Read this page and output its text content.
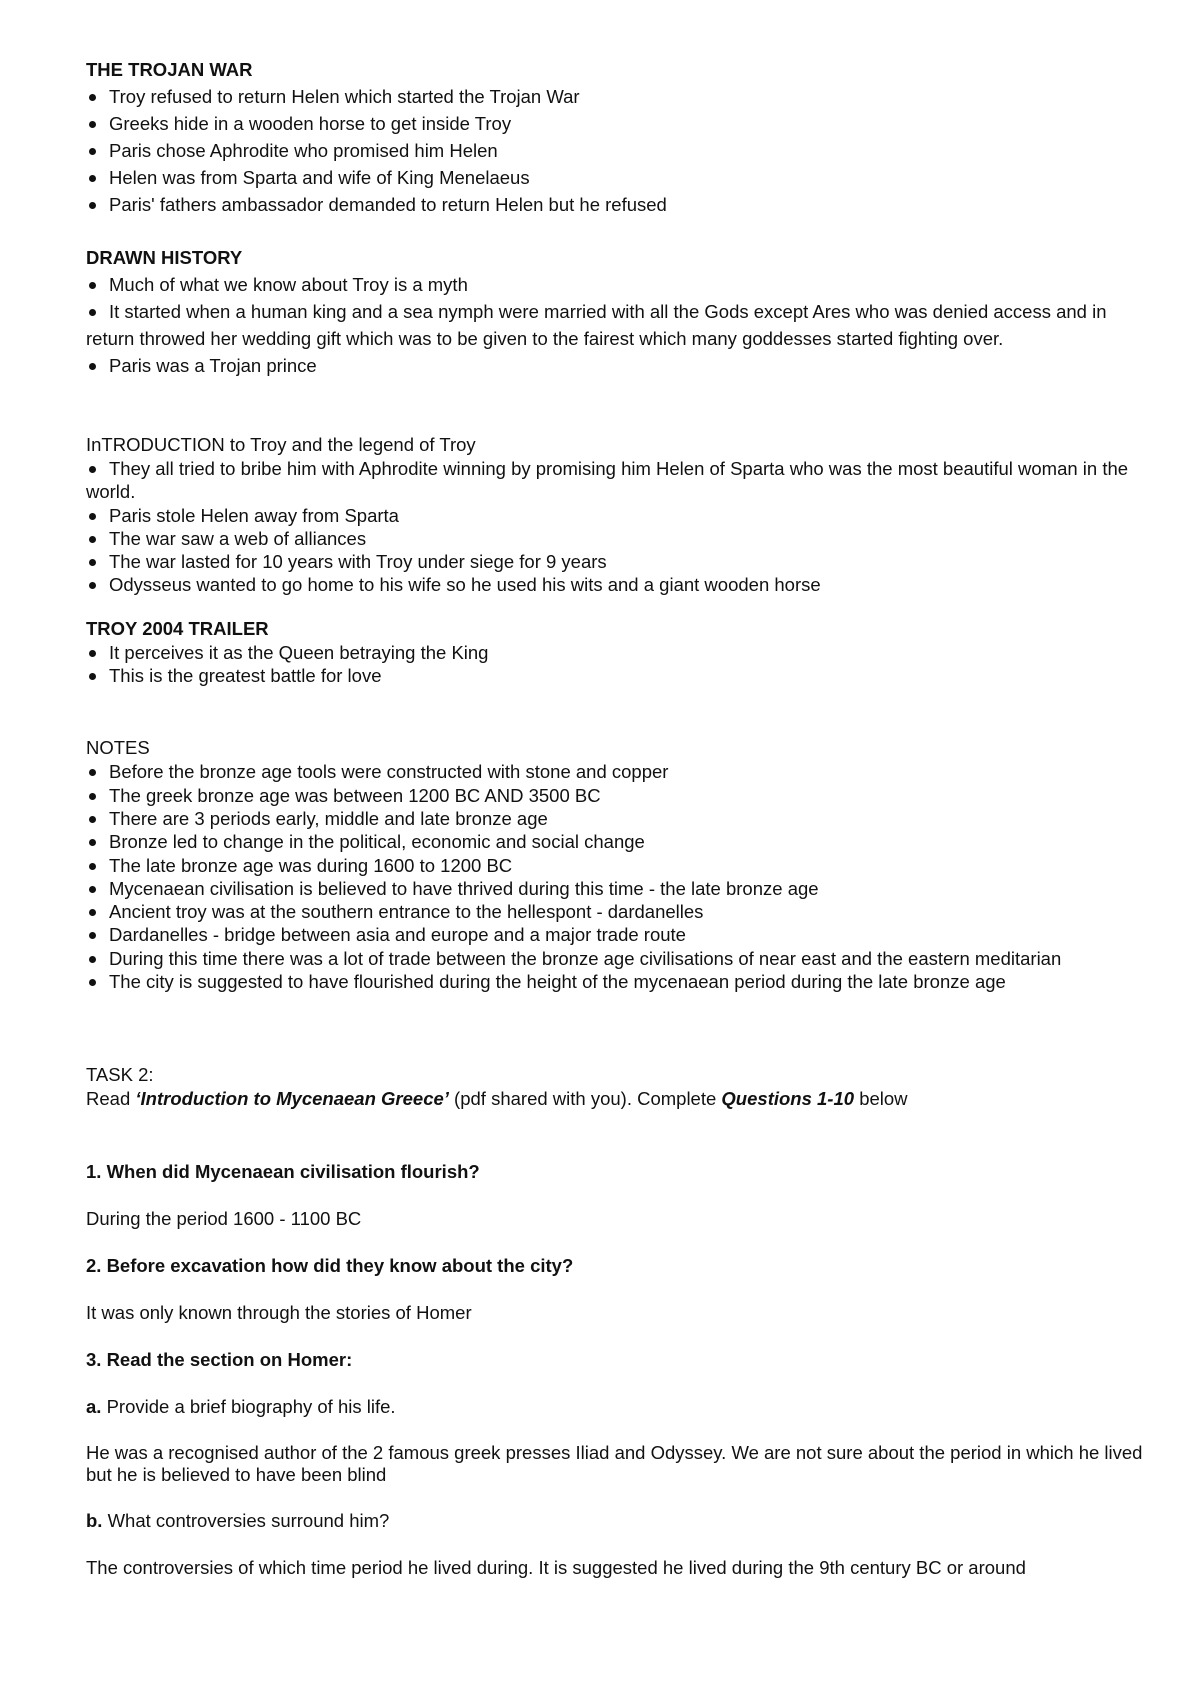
THE TROJAN WAR
Troy refused to return Helen which started the Trojan War
Greeks hide in a wooden horse to get inside Troy
Paris chose Aphrodite who promised him Helen
Helen was from Sparta and wife of King Menelaeus
Paris' fathers ambassador demanded to return Helen but he refused
DRAWN HISTORY
Much of what we know about Troy is a myth
It started when a human king and a sea nymph were married with all the Gods except Ares who was denied access and in return throwed her wedding gift which was to be given to the fairest which many goddesses started fighting over.
Paris was a Trojan prince
InTRODUCTION to Troy and the legend of Troy
They all tried to bribe him with Aphrodite winning by promising him Helen of Sparta who was the most beautiful woman in the world.
Paris stole Helen away from Sparta
The war saw a web of alliances
The war lasted for 10 years with Troy under siege for 9 years
Odysseus wanted to go home to his wife so he used his wits and a giant wooden horse
TROY 2004 TRAILER
It perceives it as the Queen betraying the King
This is the greatest battle for love
NOTES
Before the bronze age tools were constructed with stone and copper
The greek bronze age was between 1200 BC AND 3500 BC
There are 3 periods early, middle and late bronze age
Bronze led to change in the political, economic and social change
The late bronze age was during 1600 to 1200 BC
Mycenaean civilisation is believed to have thrived during this time - the late bronze age
Ancient troy was at the southern entrance to the hellespont - dardanelles
Dardanelles - bridge between asia and europe and a major trade route
During this time there was a lot of trade between the bronze age civilisations of near east and the eastern meditarian
The city is suggested to have flourished during the height of the mycenaean period during the late bronze age
TASK 2:

Read ‘Introduction to Mycenaean Greece’ (pdf shared with you). Complete Questions 1-10 below

1. When did Mycenaean civilisation flourish?

During the period 1600 - 1100 BC

2. Before excavation how did they know about the city?

It was only known through the stories of Homer

3. Read the section on Homer:

a. Provide a brief biography of his life.

He was a recognised author of the 2 famous greek presses Iliad and Odyssey. We are not sure about the period in which he lived but he is believed to have been blind

b. What controversies surround him?

The controversies of which time period he lived during. It is suggested he lived during the 9th century BC or around
